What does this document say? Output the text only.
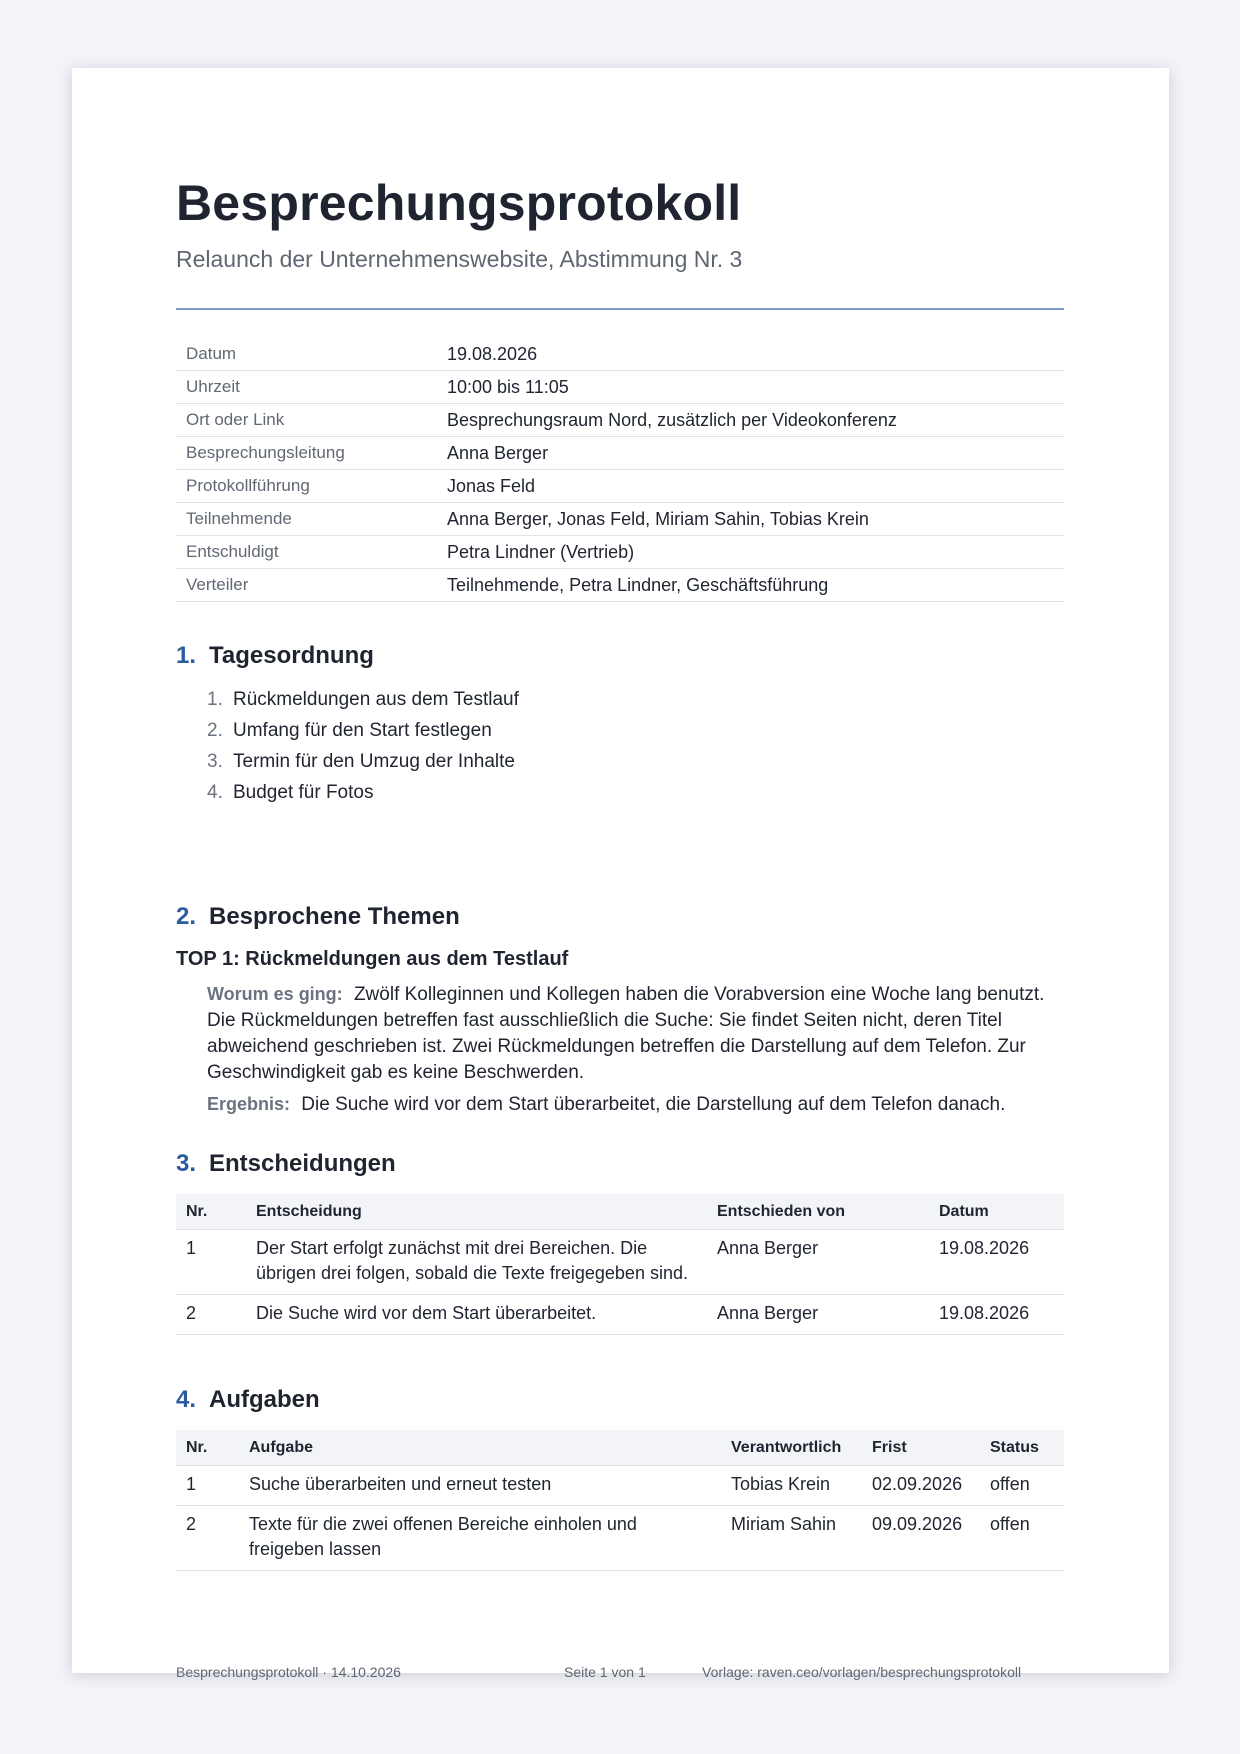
Besprechungsprotokoll
Relaunch der Unternehmenswebsite, Abstimmung Nr. 3
Datum	19.08.2026
Uhrzeit	10:00 bis 11:05
Ort oder Link	Besprechungsraum Nord, zusätzlich per Videokonferenz
Besprechungsleitung	Anna Berger
Protokollführung	Jonas Feld
Teilnehmende	Anna Berger, Jonas Feld, Miriam Sahin, Tobias Krein
Entschuldigt	Petra Lindner (Vertrieb)
Verteiler	Teilnehmende, Petra Lindner, Geschäftsführung
1. Tagesordnung
1. Rückmeldungen aus dem Testlauf
2. Umfang für den Start festlegen
3. Termin für den Umzug der Inhalte
4. Budget für Fotos
2. Besprochene Themen
TOP 1: Rückmeldungen aus dem Testlauf
Worum es ging: Zwölf Kolleginnen und Kollegen haben die Vorabversion eine Woche lang benutzt. Die Rückmeldungen betreffen fast ausschließlich die Suche: Sie findet Seiten nicht, deren Titel abweichend geschrieben ist. Zwei Rückmeldungen betreffen die Darstellung auf dem Telefon. Zur Geschwindigkeit gab es keine Beschwerden.
Ergebnis: Die Suche wird vor dem Start überarbeitet, die Darstellung auf dem Telefon danach.
3. Entscheidungen
Nr.	Entscheidung	Entschieden von	Datum
1	Der Start erfolgt zunächst mit drei Bereichen. Die übrigen drei folgen, sobald die Texte freigegeben sind.	Anna Berger	19.08.2026
2	Die Suche wird vor dem Start überarbeitet.	Anna Berger	19.08.2026
4. Aufgaben
Nr.	Aufgabe	Verantwortlich	Frist	Status
1	Suche überarbeiten und erneut testen	Tobias Krein	02.09.2026	offen
2	Texte für die zwei offenen Bereiche einholen und freigeben lassen	Miriam Sahin	09.09.2026	offen
Besprechungsprotokoll · 14.10.2026	Seite 1 von 1	Vorlage: raven.ceo/vorlagen/besprechungsprotokoll
